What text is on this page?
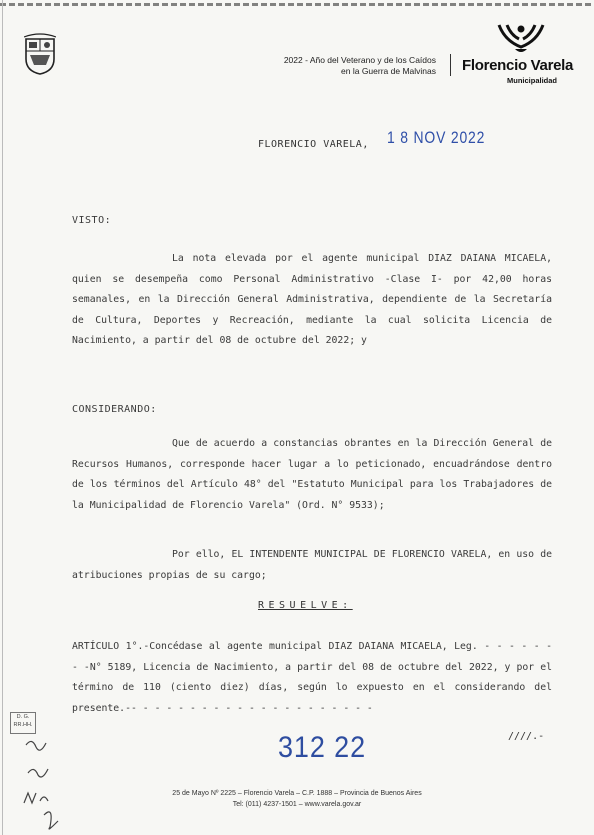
2022 - Año del Veterano y de los Caídos
en la Guerra de Malvinas Florencio Varela
Municipalidad
FLORENCIO VARELA, 1 8 NOV 2022
VISTO:
La nota elevada por el agente municipal DIAZ DAIANA MICAELA, quien se desempeña como Personal Administrativo -Clase I- por 42,00 horas semanales, en la Dirección General Administrativa, dependiente de la Secretaría de Cultura, Deportes y Recreación, mediante la cual solicita Licencia de Nacimiento, a partir del 08 de octubre del 2022; y
CONSIDERANDO:
Que de acuerdo a constancias obrantes en la Dirección General de Recursos Humanos, corresponde hacer lugar a lo peticionado, encuadrándose dentro de los términos del Artículo 48° del "Estatuto Municipal para los Trabajadores de la Municipalidad de Florencio Varela" (Ord. N° 9533);
Por ello, EL INTENDENTE MUNICIPAL DE FLORENCIO VARELA, en uso de atribuciones propias de su cargo;
RESUELVE:
ARTÍCULO 1°.-Concédase al agente municipal DIAZ DAIANA MICAELA, Leg. - - - - - - - -N° 5189, Licencia de Nacimiento, a partir del 08 de octubre del 2022, y por el término de 110 (ciento diez) días, según lo expuesto en el considerando del presente.-- - - - - - - - - - - - - - - - - - - - -
312 22	////.-
D. G. RR.HH.
25 de Mayo Nº 2225 – Florencio Varela – C.P. 1888 – Provincia de Buenos Aires
Tel: (011) 4237-1501 – www.varela.gov.ar
